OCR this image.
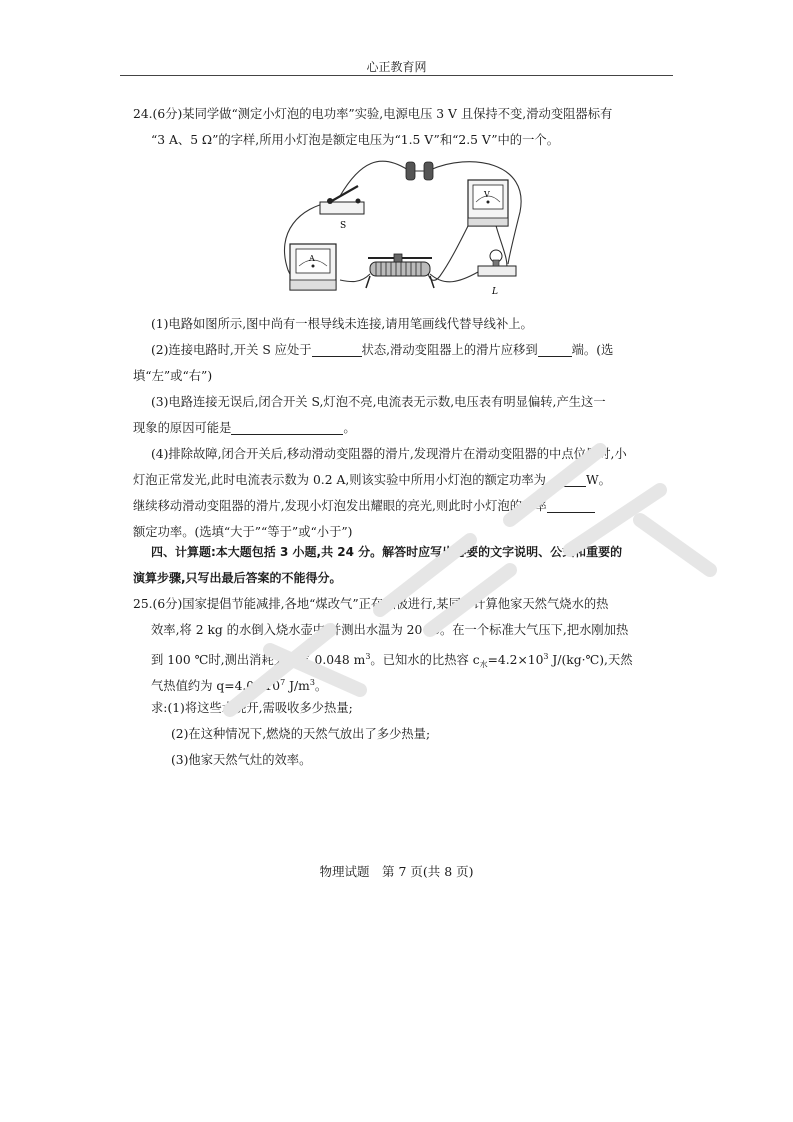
心正教育网
24.(6分)某同学做“测定小灯泡的电功率”实验,电源电压 3 V 且保持不变,滑动变阻器标有
“3 A、5 Ω”的字样,所用小灯泡是额定电压为“1.5 V”和“2.5 V”中的一个。
S
V
A
L
(1)电路如图所示,图中尚有一根导线未连接,请用笔画线代替导线补上。
(2)连接电路时,开关 S 应处于	状态,滑动变阻器上的滑片应移到	端。(选
填“左”或“右”)
(3)电路连接无误后,闭合开关 S,灯泡不亮,电流表无示数,电压表有明显偏转,产生这一
现象的原因可能是	。
(4)排除故障,闭合开关后,移动滑动变阻器的滑片,发现滑片在滑动变阻器的中点位置时,小
灯泡正常发光,此时电流表示数为 0.2 A,则该实验中所用小灯泡的额定功率为	W。
继续移动滑动变阻器的滑片,发现小灯泡发出耀眼的亮光,则此时小灯泡的功率
额定功率。(选填“大于”“等于”或“小于”)
四、计算题:本大题包括 3 小题,共 24 分。解答时应写出必要的文字说明、公式和重要的
演算步骤,只写出最后答案的不能得分。
25.(6分)国家提倡节能减排,各地“煤改气”正在积极进行,某同学计算他家天然气烧水的热
效率,将 2 kg 的水倒入烧水壶中,并测出水温为 20 ℃。在一个标准大气压下,把水刚加热
到 100 ℃时,测出消耗天然气 0.048 $m^3$。已知水的比热容 $c_水=4.2\times 10^3$ J/(kg·℃),天然
气热值约为 $q=4.0\times 10^7$ $J/m^3$。
求:(1)将这些水烧开,需吸收多少热量;
(2)在这种情况下,燃烧的天然气放出了多少热量;
(3)他家天然气灶的效率。
物理试题　第 7 页(共 8 页)
